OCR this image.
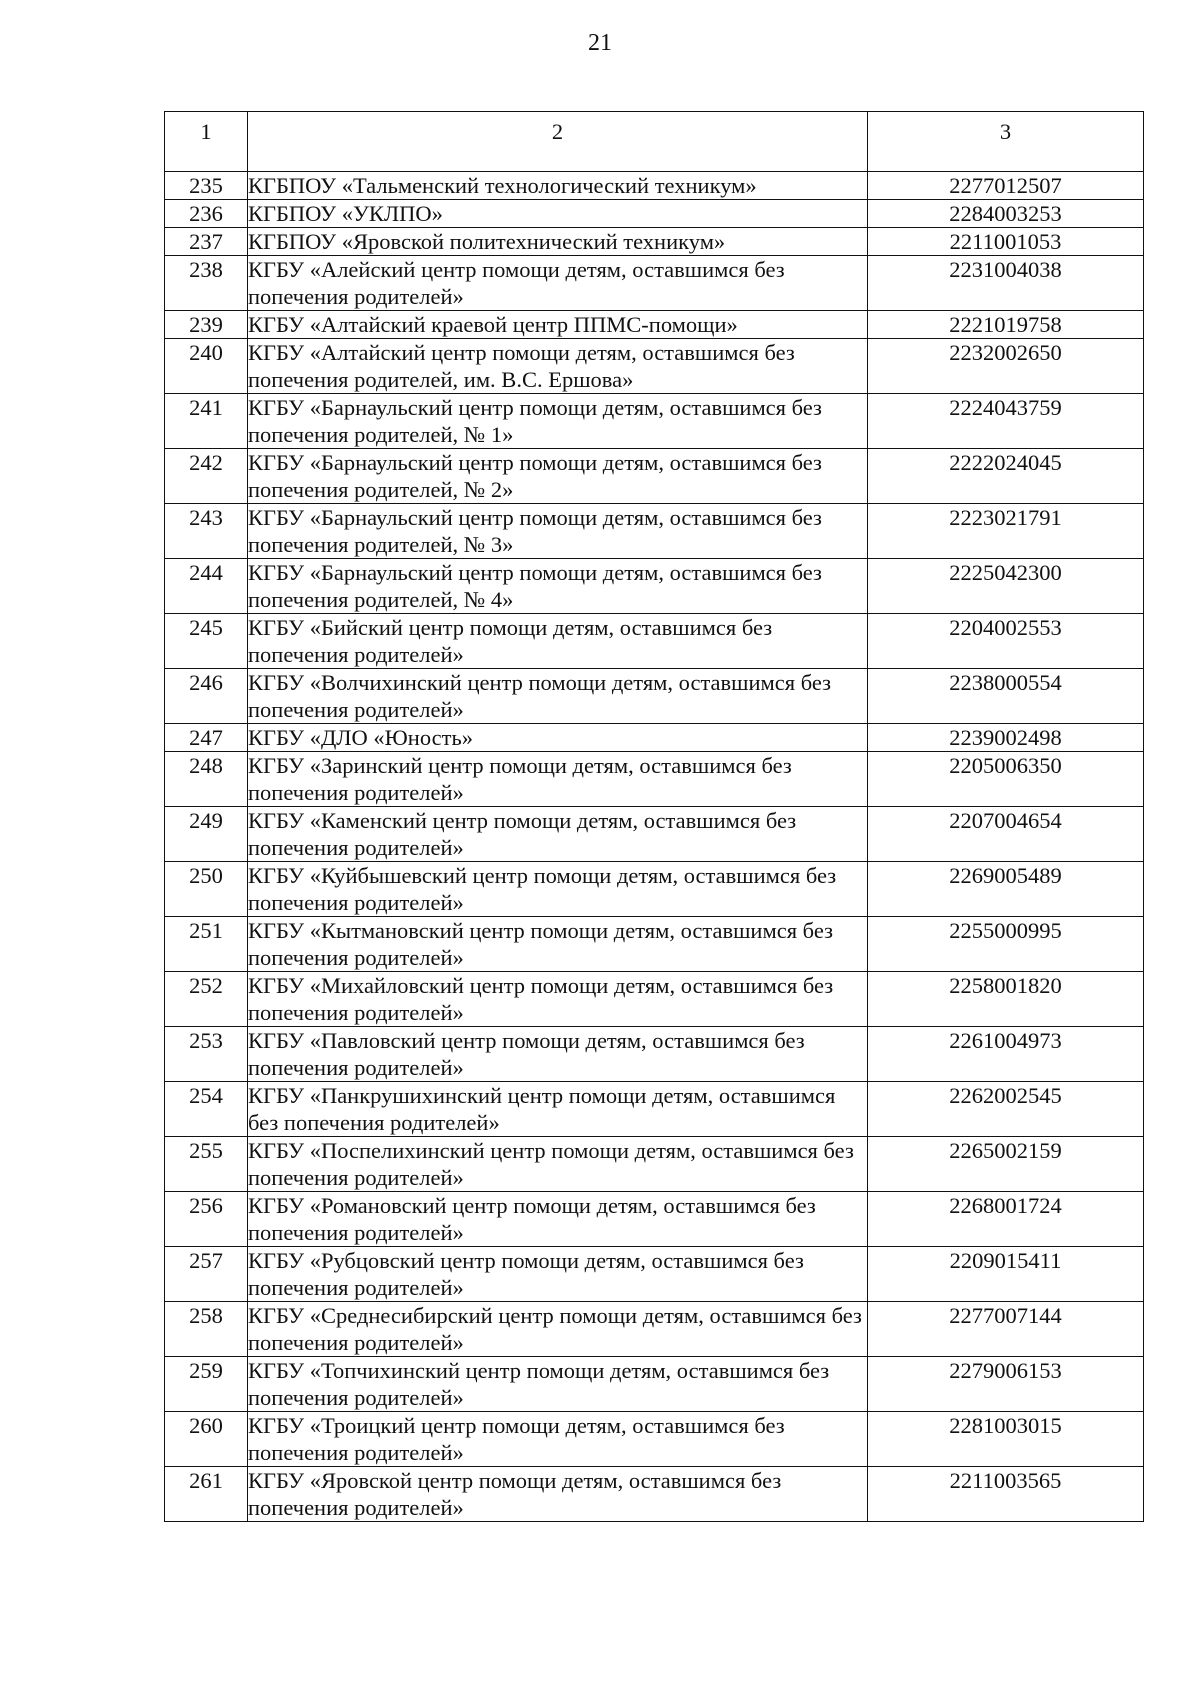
21
1	2	3
235	КГБПОУ «Тальменский технологический техникум»	2277012507
236	КГБПОУ «УКЛПО»	2284003253
237	КГБПОУ «Яровской политехнический техникум»	2211001053
238	КГБУ «Алейский центр помощи детям, оставшимся без попечения родителей»	2231004038
239	КГБУ «Алтайский краевой центр ППМС-помощи»	2221019758
240	КГБУ «Алтайский центр помощи детям, оставшимся без попечения родителей, им. В.С. Ершова»	2232002650
241	КГБУ «Барнаульский центр помощи детям, оставшимся без попечения родителей, № 1»	2224043759
242	КГБУ «Барнаульский центр помощи детям, оставшимся без попечения родителей, № 2»	2222024045
243	КГБУ «Барнаульский центр помощи детям, оставшимся без попечения родителей, № 3»	2223021791
244	КГБУ «Барнаульский центр помощи детям, оставшимся без попечения родителей, № 4»	2225042300
245	КГБУ «Бийский центр помощи детям, оставшимся без попечения родителей»	2204002553
246	КГБУ «Волчихинский центр помощи детям, оставшимся без попечения родителей»	2238000554
247	КГБУ «ДЛО «Юность»	2239002498
248	КГБУ «Заринский центр помощи детям, оставшимся без попечения родителей»	2205006350
249	КГБУ «Каменский центр помощи детям, оставшимся без попечения родителей»	2207004654
250	КГБУ «Куйбышевский центр помощи детям, оставшимся без попечения родителей»	2269005489
251	КГБУ «Кытмановский центр помощи детям, оставшимся без попечения родителей»	2255000995
252	КГБУ «Михайловский центр помощи детям, оставшимся без попечения родителей»	2258001820
253	КГБУ «Павловский центр помощи детям, оставшимся без попечения родителей»	2261004973
254	КГБУ «Панкрушихинский центр помощи детям, оставшимся без попечения родителей»	2262002545
255	КГБУ «Поспелихинский центр помощи детям, оставшимся без попечения родителей»	2265002159
256	КГБУ «Романовский центр помощи детям, оставшимся без попечения родителей»	2268001724
257	КГБУ «Рубцовский центр помощи детям, оставшимся без попечения родителей»	2209015411
258	КГБУ «Среднесибирский центр помощи детям, оставшимся без попечения родителей»	2277007144
259	КГБУ «Топчихинский центр помощи детям, оставшимся без попечения родителей»	2279006153
260	КГБУ «Троицкий центр помощи детям, оставшимся без попечения родителей»	2281003015
261	КГБУ «Яровской центр помощи детям, оставшимся без попечения родителей»	2211003565
